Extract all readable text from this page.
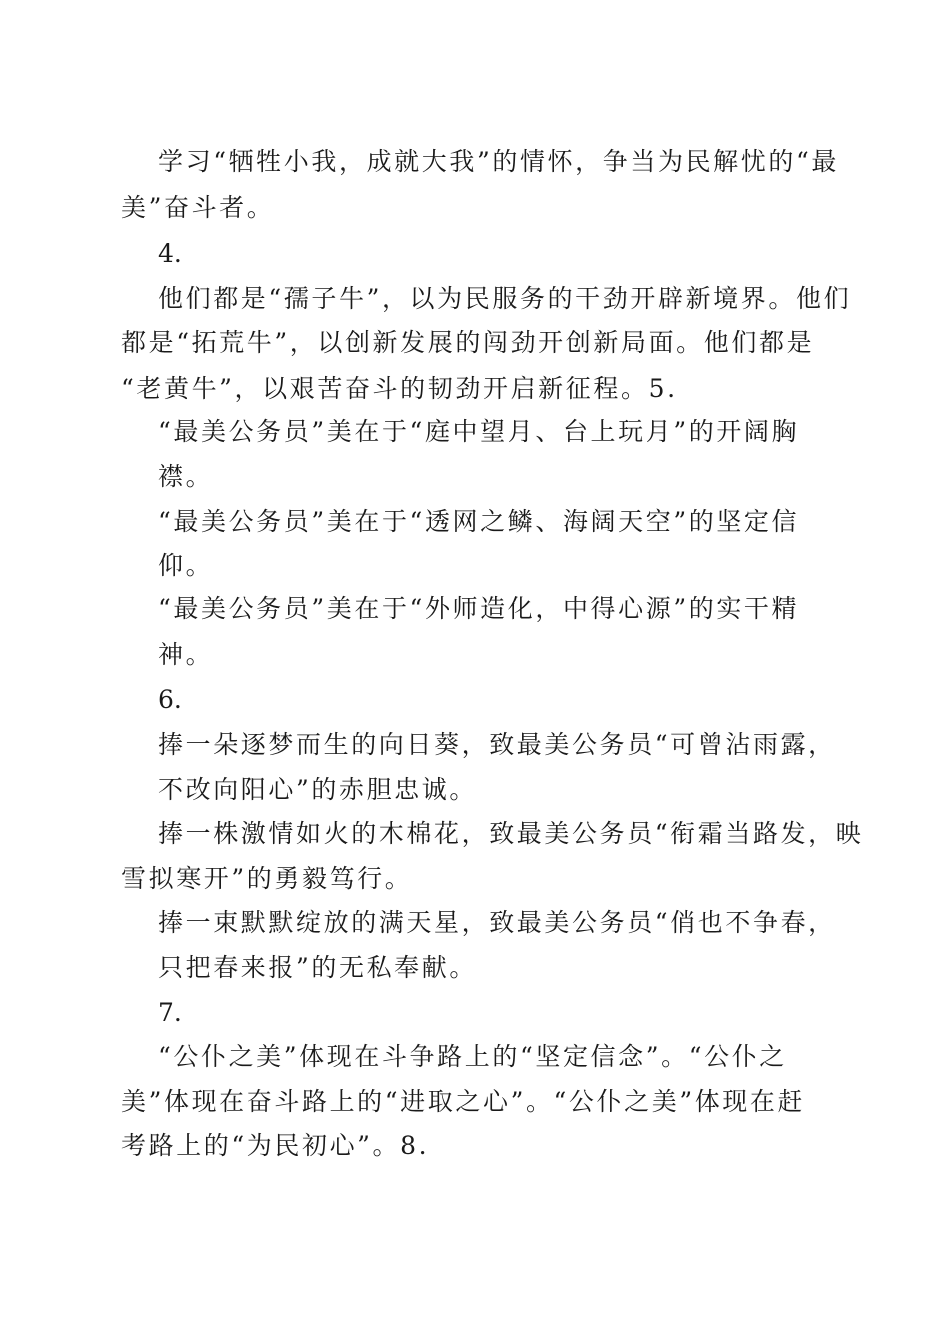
学习“牺牲小我，成就大我”的情怀，争当为民解忧的“最
美”奋斗者。
4.
他们都是“孺子牛”，以为民服务的干劲开辟新境界。他们
都是“拓荒牛”，以创新发展的闯劲开创新局面。他们都是
“老黄牛”，以艰苦奋斗的韧劲开启新征程。5.
“最美公务员”美在于“庭中望月、台上玩月”的开阔胸
襟。
“最美公务员”美在于“透网之鳞、海阔天空”的坚定信
仰。
“最美公务员”美在于“外师造化，中得心源”的实干精
神。
6.
捧一朵逐梦而生的向日葵，致最美公务员“可曾沾雨露，
不改向阳心”的赤胆忠诚。
捧一株激情如火的木棉花，致最美公务员“衔霜当路发，映
雪拟寒开”的勇毅笃行。
捧一束默默绽放的满天星，致最美公务员“俏也不争春，
只把春来报”的无私奉献。
7.
“公仆之美”体现在斗争路上的“坚定信念”。“公仆之
美”体现在奋斗路上的“进取之心”。“公仆之美”体现在赶
考路上的“为民初心”。8.
